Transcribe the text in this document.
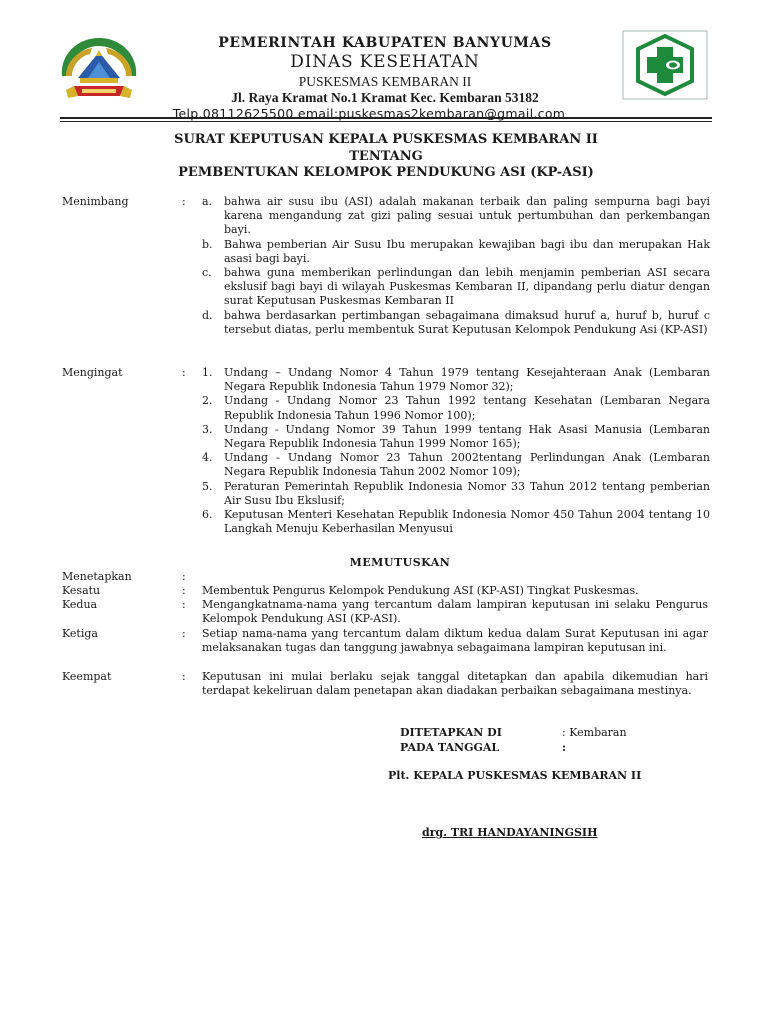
PEMERINTAH KABUPATEN BANYUMAS
DINAS KESEHATAN
PUSKESMAS KEMBARAN II
Jl. Raya Kramat No.1 Kramat Kec. Kembaran 53182
Telp.08112625500 email:puskesmas2kembaran@gmail.com
SURAT KEPUTUSAN KEPALA PUSKESMAS KEMBARAN II
TENTANG
PEMBENTUKAN KELOMPOK PENDUKUNG ASI (KP-ASI)
Menimbang	: a.	bahwa air susu ibu (ASI) adalah makanan terbaik dan paling sempurna bagi bayi karena mengandung zat gizi paling sesuai untuk pertumbuhan dan perkembangan bayi.
b.	Bahwa pemberian Air Susu Ibu merupakan kewajiban bagi ibu dan merupakan Hak asasi bagi bayi.
c.	bahwa guna memberikan perlindungan dan lebih menjamin pemberian ASI secara ekslusif bagi bayi di wilayah Puskesmas Kembaran II, dipandang perlu diatur dengan surat Keputusan Puskesmas Kembaran II
d.	bahwa berdasarkan pertimbangan sebagaimana dimaksud huruf a, huruf b, huruf c tersebut diatas, perlu membentuk Surat Keputusan Kelompok Pendukung Asi (KP-ASI)
Mengingat	: 1.	Undang – Undang Nomor 4 Tahun 1979 tentang Kesejahteraan Anak (Lembaran Negara Republik Indonesia Tahun 1979 Nomor 32);
2.	Undang - Undang Nomor 23 Tahun 1992 tentang Kesehatan (Lembaran Negara Republik Indonesia Tahun 1996 Nomor 100);
3.	Undang - Undang Nomor 39 Tahun 1999 tentang Hak Asasi Manusia (Lembaran Negara Republik Indonesia Tahun 1999 Nomor 165);
4.	Undang - Undang Nomor 23 Tahun 2002tentang Perlindungan Anak (Lembaran Negara Republik Indonesia Tahun 2002 Nomor 109);
5.	Peraturan Pemerintah Republik Indonesia Nomor 33 Tahun 2012 tentang pemberian Air Susu Ibu Ekslusif;
6.	Keputusan Menteri Kesehatan Republik Indonesia Nomor 450 Tahun 2004 tentang 10 Langkah Menuju Keberhasilan Menyusui
MEMUTUSKAN
Menetapkan	:
Kesatu	: Membentuk Pengurus Kelompok Pendukung ASI (KP-ASI) Tingkat Puskesmas.
Kedua	: Mengangkatnama-nama yang tercantum dalam lampiran keputusan ini selaku Pengurus Kelompok Pendukung ASI (KP-ASI).
Ketiga	: Setiap nama-nama yang tercantum dalam diktum kedua dalam Surat Keputusan ini agar melaksanakan tugas dan tanggung jawabnya sebagaimana lampiran keputusan ini.
Keempat	: Keputusan ini mulai berlaku sejak tanggal ditetapkan dan apabila dikemudian hari terdapat kekeliruan dalam penetapan akan diadakan perbaikan sebagaimana mestinya.
DITETAPKAN DI	: Kembaran
PADA TANGGAL	:
Plt. KEPALA PUSKESMAS KEMBARAN II
drg. TRI HANDAYANINGSIH
